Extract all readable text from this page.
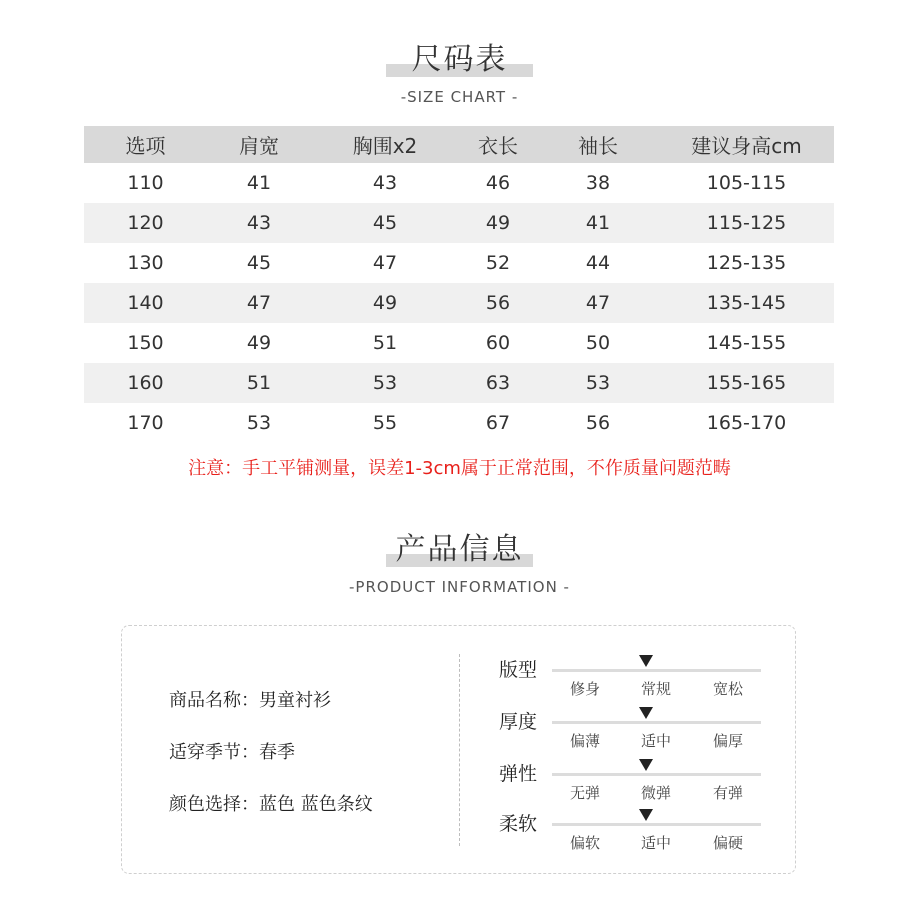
尺码表
-SIZE CHART -
选项	肩宽	胸围x2	衣长	袖长	建议身高cm
110	41	43	46	38	105-115
120	43	45	49	41	115-125
130	45	47	52	44	125-135
140	47	49	56	47	135-145
150	49	51	60	50	145-155
160	51	53	63	53	155-165
170	53	55	67	56	165-170
注意：手工平铺测量，误差1-3cm属于正常范围，不作质量问题范畴
产品信息
-PRODUCT INFORMATION -
商品名称：男童衬衫
适穿季节：春季
颜色选择：蓝色 蓝色条纹
版型
修身	常规	宽松
厚度
偏薄	适中	偏厚
弹性
无弹	微弹	有弹
柔软
偏软	适中	偏硬
